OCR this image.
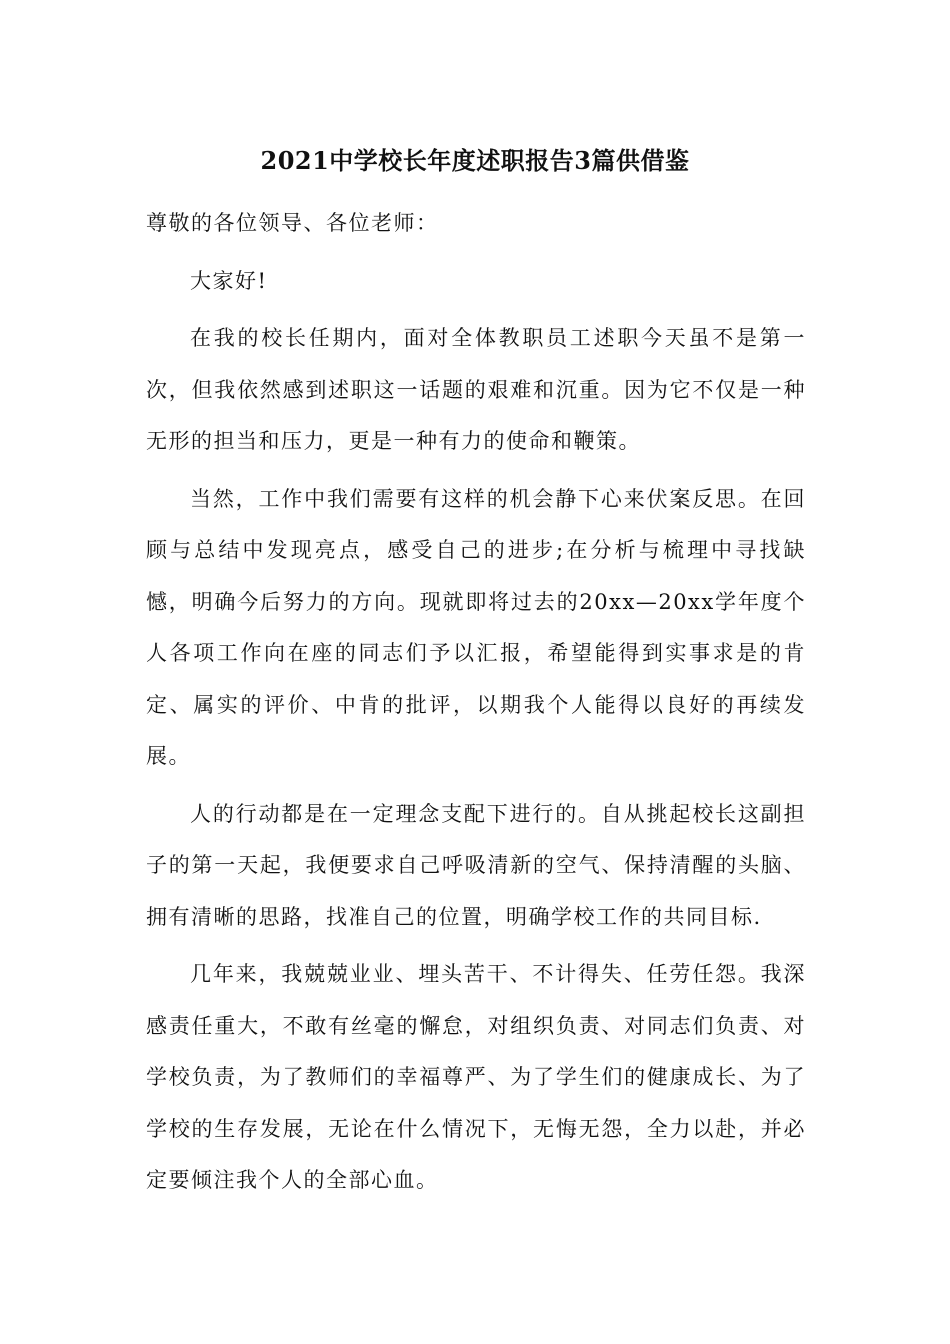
2021中学校长年度述职报告3篇供借鉴

尊敬的各位领导、各位老师：

大家好!

在我的校长任期内，面对全体教职员工述职今天虽不是第一次，但我依然感到述职这一话题的艰难和沉重。因为它不仅是一种无形的担当和压力，更是一种有力的使命和鞭策。

当然，工作中我们需要有这样的机会静下心来伏案反思。在回顾与总结中发现亮点，感受自己的进步;在分析与梳理中寻找缺憾，明确今后努力的方向。现就即将过去的20xx—20xx学年度个人各项工作向在座的同志们予以汇报，希望能得到实事求是的肯定、属实的评价、中肯的批评，以期我个人能得以良好的再续发展。

人的行动都是在一定理念支配下进行的。自从挑起校长这副担子的第一天起，我便要求自己呼吸清新的空气、保持清醒的头脑、拥有清晰的思路，找准自己的位置，明确学校工作的共同目标.

几年来，我兢兢业业、埋头苦干、不计得失、任劳任怨。我深感责任重大，不敢有丝毫的懈怠，对组织负责、对同志们负责、对学校负责，为了教师们的幸福尊严、为了学生们的健康成长、为了学校的生存发展，无论在什么情况下，无悔无怨，全力以赴，并必定要倾注我个人的全部心血。
